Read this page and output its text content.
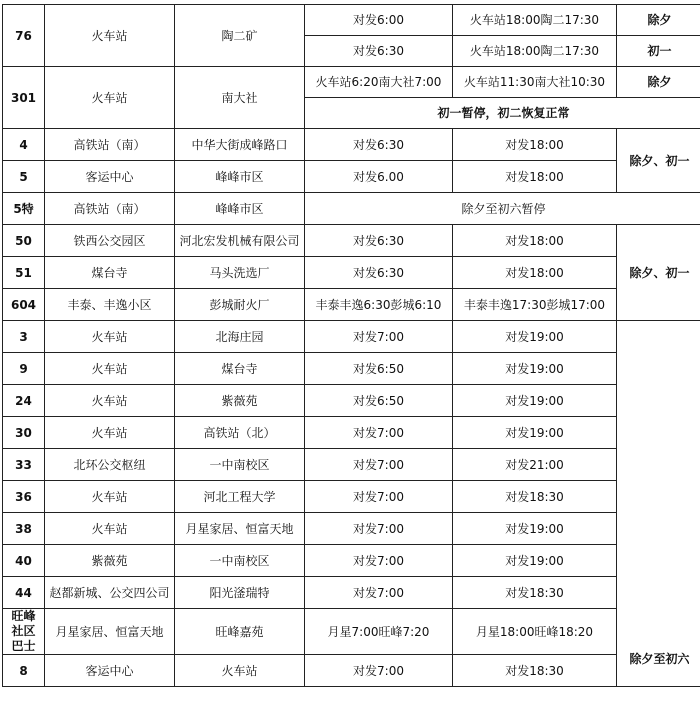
76	火车站	陶二矿	对发6:00	火车站18:00陶二17:30	除夕
			对发6:30	火车站18:00陶二17:30	初一
301	火车站	南大社	火车站6:20南大社7:00	火车站11:30南大社10:30	除夕
			初一暂停，初二恢复正常		
4	高铁站（南）	中华大街成峰路口	对发6:30	对发18:00	除夕、初一
5	客运中心	峰峰市区	对发6.00	对发18:00	
5特	高铁站（南）	峰峰市区	除夕至初六暂停		
50	铁西公交园区	河北宏发机械有限公司	对发6:30	对发18:00	除夕、初一
51	煤台寺	马头洗选厂	对发6:30	对发18:00	
604	丰泰、丰逸小区	彭城耐火厂	丰泰丰逸6:30彭城6:10	丰泰丰逸17:30彭城17:00	
3	火车站	北海庄园	对发7:00	对发19:00	除夕至初六
9	火车站	煤台寺	对发6:50	对发19:00	
24	火车站	紫薇苑	对发6:50	对发19:00	
30	火车站	高铁站（北）	对发7:00	对发19:00	
33	北环公交枢纽	一中南校区	对发7:00	对发21:00	
36	火车站	河北工程大学	对发7:00	对发18:30	
38	火车站	月星家居、恒富天地	对发7:00	对发19:00	
40	紫薇苑	一中南校区	对发7:00	对发19:00	
44	赵都新城、公交四公司	阳光滏瑞特	对发7:00	对发18:30	
旺峰社区巴士	月星家居、恒富天地	旺峰嘉苑	月星7:00旺峰7:20	月星18:00旺峰18:20	
8	客运中心	火车站	对发7:00	对发18:30	
